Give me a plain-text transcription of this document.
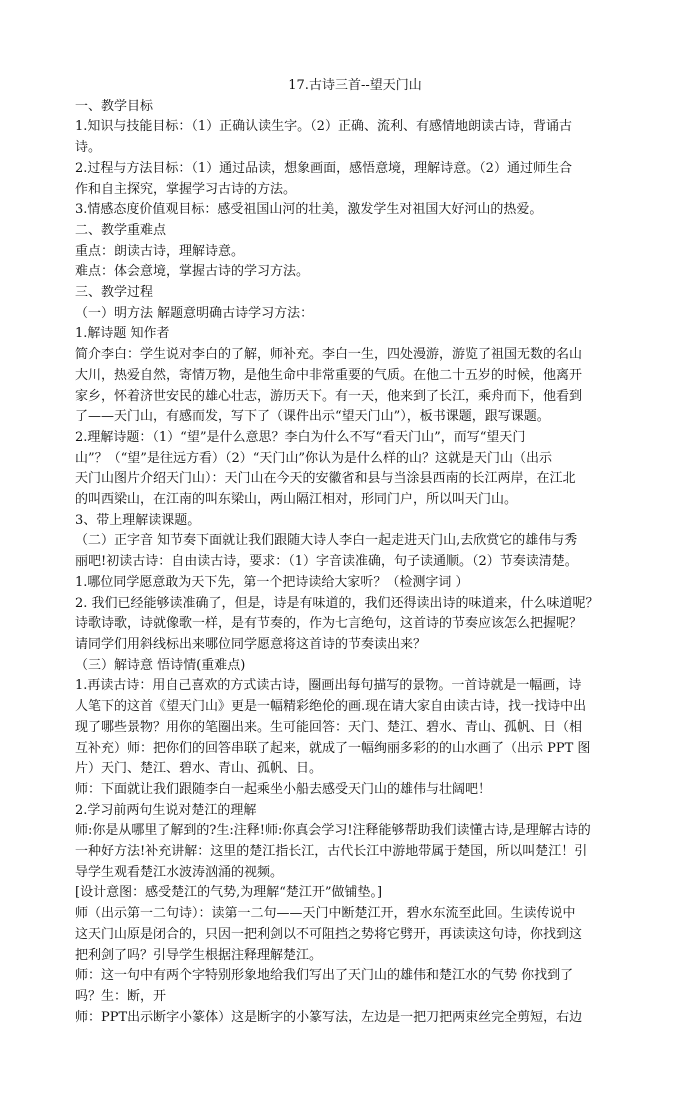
17.古诗三首--望天门山

一、教学目标

1.知识与技能目标：（1）正确认读生字。（2）正确、流利、有感情地朗读古诗，背诵古
诗。

2.过程与方法目标：（1）通过品读，想象画面，感悟意境，理解诗意。（2）通过师生合
作和自主探究，掌握学习古诗的方法。

3.情感态度价值观目标：感受祖国山河的壮美，激发学生对祖国大好河山的热爱。

二、教学重难点

重点：朗读古诗，理解诗意。

难点：体会意境，掌握古诗的学习方法。

三、教学过程

（一）明方法 解题意明确古诗学习方法：

1.解诗题 知作者

简介李白：学生说对李白的了解，师补充。李白一生，四处漫游，游览了祖国无数的名山
大川，热爱自然，寄情万物，是他生命中非常重要的气质。在他二十五岁的时候，他离开
家乡，怀着济世安民的雄心壮志，游历天下。有一天，他来到了长江，乘舟而下，他看到
了——天门山，有感而发，写下了（课件出示“望天门山”），板书课题，跟写课题。

2.理解诗题：（1）“望”是什么意思？李白为什么不写“看天门山”，而写“望天门
山”？（“望”是往远方看）（2）“天门山”你认为是什么样的山？这就是天门山（出示
天门山图片介绍天门山）：天门山在今天的安徽省和县与当涂县西南的长江两岸，在江北
的叫西梁山，在江南的叫东梁山，两山隔江相对，形同门户，所以叫天门山。

3、带上理解读课题。

（二）正字音 知节奏下面就让我们跟随大诗人李白一起走进天门山,去欣赏它的雄伟与秀
丽吧!初读古诗：自由读古诗，要求：（1）字音读准确，句子读通顺。（2）节奏读清楚。

1.哪位同学愿意敢为天下先，第一个把诗读给大家听？（检测字词 ）

2. 我们已经能够读准确了，但是，诗是有味道的，我们还得读出诗的味道来，什么味道呢？
诗歌诗歌，诗就像歌一样，是有节奏的，作为七言绝句，这首诗的节奏应该怎么把握呢？
请同学们用斜线标出来哪位同学愿意将这首诗的节奏读出来？

（三）解诗意 悟诗情(重难点)

1.再读古诗：用自己喜欢的方式读古诗，圈画出每句描写的景物。一首诗就是一幅画，诗
人笔下的这首《望天门山》更是一幅精彩绝伦的画.现在请大家自由读古诗，找一找诗中出
现了哪些景物？用你的笔圈出来。生可能回答：天门、楚江、碧水、青山、孤帆、日（相
互补充）师：把你们的回答串联了起来，就成了一幅绚丽多彩的的山水画了（出示 PPT 图
片）天门、楚江、碧水、青山、孤帆、日。

师：下面就让我们跟随李白一起乘坐小船去感受天门山的雄伟与壮阔吧！

2.学习前两句生说对楚江的理解

师:你是从哪里了解到的?生:注释!师:你真会学习!注释能够帮助我们读懂古诗,是理解古诗的
一种好方法!补充讲解：这里的楚江指长江，古代长江中游地带属于楚国，所以叫楚江！引
导学生观看楚江水波涛汹涌的视频。

[设计意图：感受楚江的气势,为理解“楚江开”做铺垫。]

师（出示第一二句诗）：读第一二句——天门中断楚江开，碧水东流至此回。生读传说中
这天门山原是闭合的，只因一把利剑以不可阻挡之势将它劈开，再读读这句诗，你找到这
把利剑了吗？引导学生根据注释理解楚江。

师：这一句中有两个字特别形象地给我们写出了天门山的雄伟和楚江水的气势 你找到了
吗？生：断，开

师：PPT出示断字小篆体）这是断字的小篆写法，左边是一把刀把两束丝完全剪短，右边
